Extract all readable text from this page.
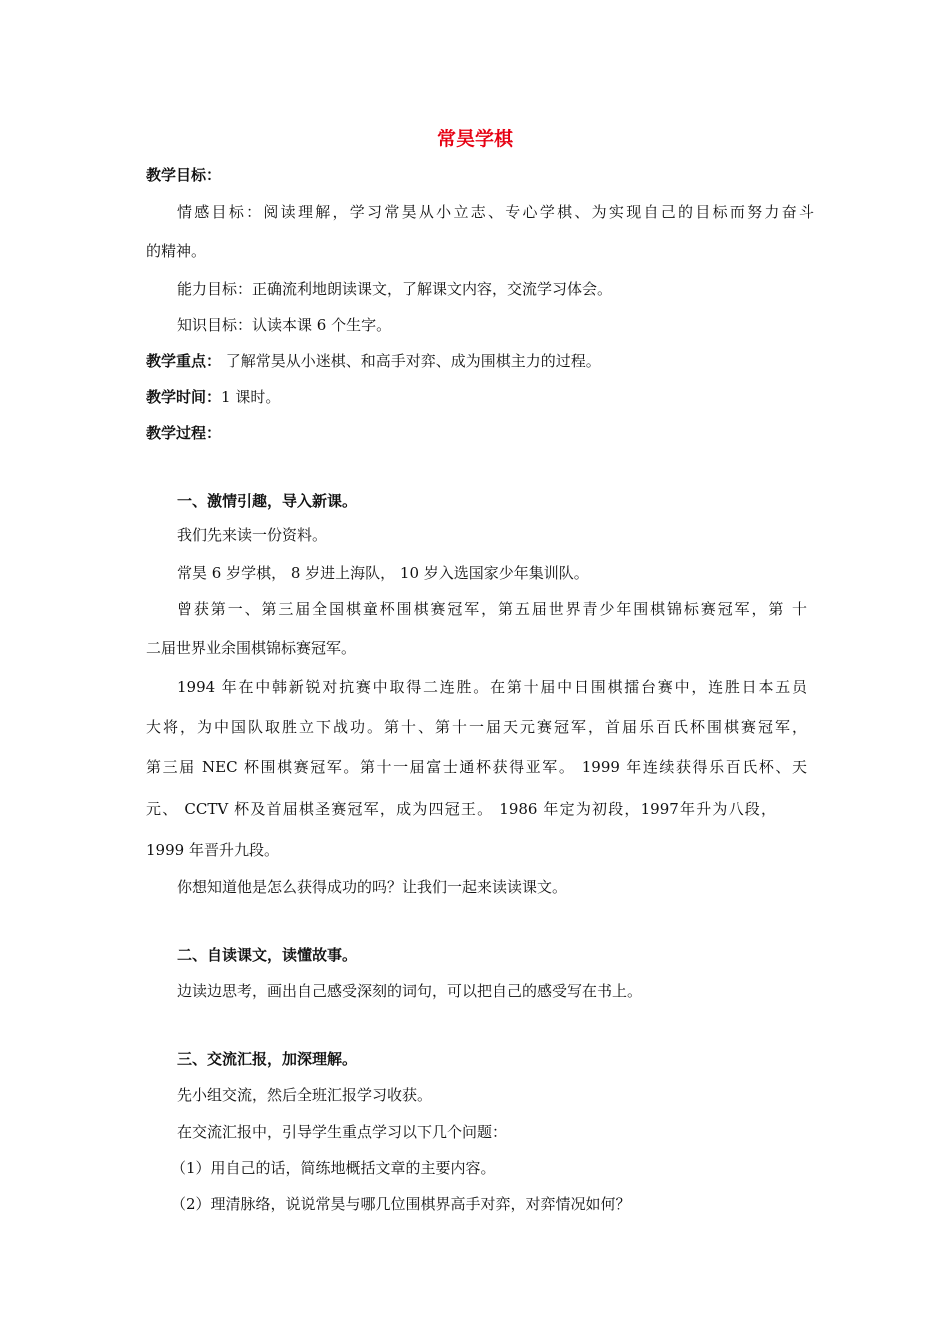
常昊学棋
教学目标：
情感目标：阅读理解，学习常昊从小立志、专心学棋、为实现自己的目标而努力奋斗
的精神。
能力目标：正确流利地朗读课文，了解课文内容，交流学习体会。
知识目标：认读本课 6 个生字。
教学重点： 了解常昊从小迷棋、和高手对弈、成为围棋主力的过程。
教学时间：1 课时。
教学过程：
一、激情引趣，导入新课。
我们先来读一份资料。
常昊 6 岁学棋， 8 岁进上海队， 10 岁入选国家少年集训队。
曾获第一、第三届全国棋童杯围棋赛冠军，第五届世界青少年围棋锦标赛冠军，第 十
二届世界业余围棋锦标赛冠军。
1994 年在中韩新锐对抗赛中取得二连胜。在第十届中日围棋擂台赛中，连胜日本五员
大将，为中国队取胜立下战功。第十、第十一届天元赛冠军，首届乐百氏杯围棋赛冠军，
第三届 NEC 杯围棋赛冠军。第十一届富士通杯获得亚军。 1999 年连续获得乐百氏杯、天
元、 CCTV 杯及首届棋圣赛冠军，成为四冠王。 1986 年定为初段，1997年升为八段，
1999 年晋升九段。
你想知道他是怎么获得成功的吗？让我们一起来读读课文。
二、自读课文，读懂故事。
边读边思考，画出自己感受深刻的词句，可以把自己的感受写在书上。
三、交流汇报，加深理解。
先小组交流，然后全班汇报学习收获。
在交流汇报中，引导学生重点学习以下几个问题：
（1）用自己的话，简练地概括文章的主要内容。
（2）理清脉络，说说常昊与哪几位围棋界高手对弈，对弈情况如何？
